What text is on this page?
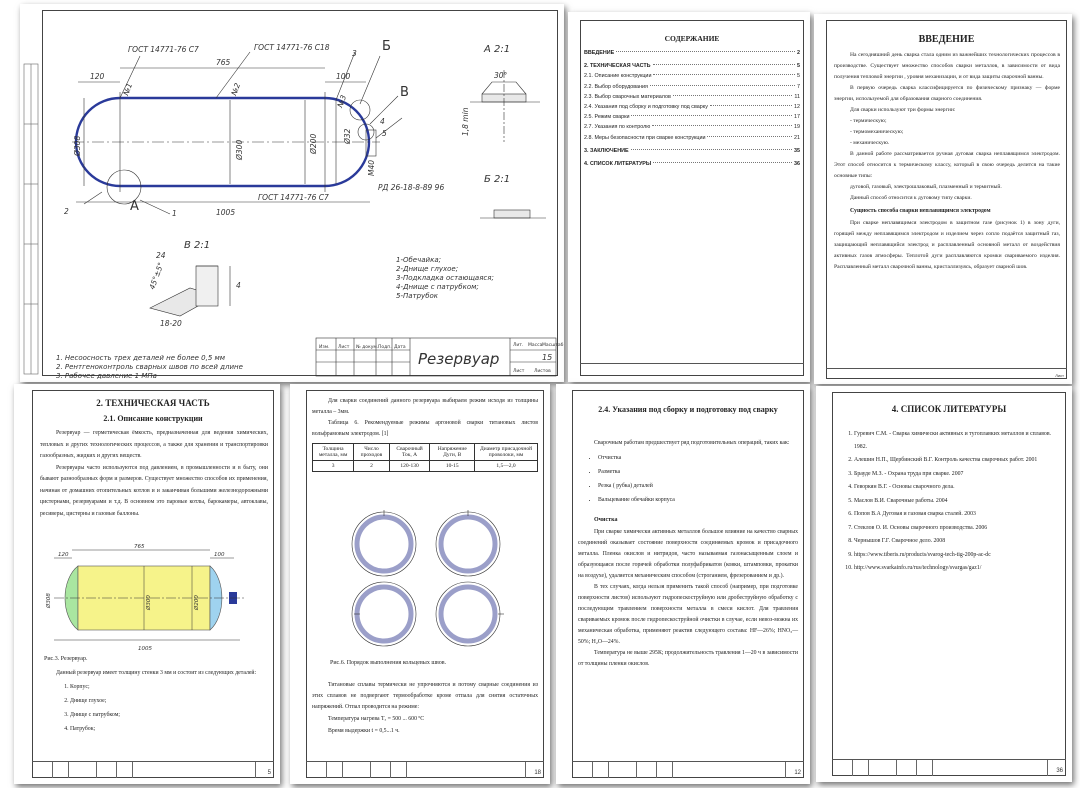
ГОСТ 14771-76 С7	ГОСТ 14771-76 С18
ГОСТ 14771-76 С7
765
120	100
1005
Ø308	Ø300	Ø200	Ø32
M40
№1	№2
№3
РД 26-18-8-89 96
1
2
3
4
5
А 2:1
Б 2:1
В 2:1
30°
1,8 min
24
4
45°±5°
18-20
А
Б
В
1-Обечайка;
2-Днище глухое;
3-Подкладка остающаяся;
4-Днище с патрубком;
5-Патрубок
1. Несоосность трех деталей не более 0,5 мм
2. Рентгеноконтроль сварных швов по всей длине
3. Рабочее давление 1 МПа
Изм. Лист № докум. Подп. Дата	Лит. Масса Масштаб
Лист Листов
Резервуар	15
СОДЕРЖАНИЕ
ВВЕДЕНИЕ	2
2. ТЕХНИЧЕСКАЯ ЧАСТЬ	5
2.1. Описание конструкции	5
2.2. Выбор оборудования	7
2.3. Выбор сварочных материалов	11
2.4. Указания под сборку и подготовку под сварку	12
2.5. Режим сварки	17
2.7. Указания по контролю	19
2.8. Меры безопасности при сварке конструкции	21
3. ЗАКЛЮЧЕНИЕ	35
4. СПИСОК ЛИТЕРАТУРЫ	36
ВВЕДЕНИЕ

На сегодняшний день сварка стала одним из важнейших технологических процессов в производстве. Существует множество способов сварки металлов, в зависимости от вида получения тепловой энергии , уровня механизации, и от вида защиты сварочной ванны.

В первую очередь сварка классифицируется по физическому признаку — форме энергии, используемой для образования сварного соединения.

Для сварки используют три формы энергии:

- термическую;

- термомеханическую;

- механическую.

В данной работе рассматривается ручная дуговая сварка неплавящимся электродом. Этот способ относится к термическому классу, который в свою очередь делится на такие основные типы:

дуговой, газовый, электрошлаковый, плазменный и термитный.

Данный способ относится к дуговому типу сварки.

Сущность способа сварки неплавящимся электродом

При сварке неплавящимся электродом в защитном газе (рисунок 1) в зону дуги, горящей между неплавящимся электродом и изделием через сопло подаётся защитный газ, защищающий неплавящийся электрод и расплавленный основной металл от воздействия активных газов атмосферы. Теплотой дуги расплавляются кромки свариваемого изделия. Расплавленный металл сварочной ванны, кристаллизуясь, образует сварной шов.

Лист
2. ТЕХНИЧЕСКАЯ ЧАСТЬ
2.1. Описание конструкции

Резервуар — герметическая ёмкость, предназначенная для ведения химических, тепловых и других технологических процессов, а также для хранения и транспортировки газообразных, жидких и других веществ.

Резервуары часто используются под давлением, в промышленности и в быту, они бывают разнообразных форм и размеров. Существует множество способов их применения, начиная от домашних отопительных котлов и и заканчивая большими железнодорожными цистернами, резервуарами и т.д. В основном это паровые котлы, барокамеры, автоклавы, ресиверы, цистерны и газовые баллоны.

765
120	100
1005
Ø308	Ø300	Ø200
Рис.3. Резервуар.

Данный резервуар имеет толщину стенки 3 мм и состоит из следующих деталей:

1. Корпус;
2. Днище глухое;
3. Днище с патрубком;
4. Патрубок;
5

Для сварки соединений данного резервуара выбираем режим исходя из толщины металла – 3мм.

Таблица 6. Рекомендуемые режимы аргоновой сварки титановых листов вольфрамовым электродом. [1]

Толщина металла, мм	Число проходов	Сварочный Ток, А	Напряжение Дуги, В	Диаметр присадочной проволоки, мм
3	2	120-130	10-15	1,5—2,0
Рис.6. Порядок выполнения кольцевых швов.

Титановые сплавы термически не упрочняются и потому сварные соединения из этих сплавов не подвергают термообработке кроме отпала для снятия остаточных напряжений. Отпал проводится на режиме:

Температура нагрева Tₐ = 500 ... 600 ºC

Время выдержки t = 0,5...1 ч.

18
2.4. Указания под сборку и подготовку под сварку

Сварочным работам предшествует ряд подготовительных операций, таких как:

• Отчистка
• Разметка
• Резка ( рубка) деталей
• Вальцевание обечайки корпуса

Очистка

При сварке химически активных металлов большое влияние на качество сварных соединений оказывает состояние поверхности соединяемых кромок и присадочного металла. Пленка окислов и нитридов, часто называемая газонасыщенным слоем и образующаяся после горячей обработки полуфабрикатов (ковки, штамповки, прокатки на воздухе), удаляется механическим способом (строганием, фрезерованием и др.).

В тех случаях, когда нельзя применить такой способ (например, при подготовке поверхности листов) используют гидропескоструйную или дробеструйную обработку с последующим травлением поверхности металла в смеси кислот. Для травления свариваемых кромок после гидропескоструйной очистки в случае, если невоз-можна их механическая обработка, применяют реактив следующего состава: HF—26%; HNO₃—50%; H₂O—24%.

Температура не выше 295К; продолжительность травления 1—20 ч в зависимости от толщины пленки окислов.

12
4. СПИСОК ЛИТЕРАТУРЫ
1. Гуревич С.М. - Сварка химически активных и тугоплавких металлов и сплавов. 1982.
2. Алешин Н.П., Щербинский В.Г. Контроль качества сварочных работ. 2001
3. Брауде М.З. - Охрана труда при сварке. 2007
4. Геворкян В.Г. - Основы сварочного дела.
5. Маслов В.И. Сварочные работы. 2004
6. Попов В.А Дуговая и газовая сварка сталей. 2003
7. Стеклов О. И. Основы сварочного производства. 2006
8. Чернышов Г.Г. Сварочное дело. 2008
9. https://www.tiberis.ru/products/svarog-tech-tig-200p-ac-dc
10. http://www.svarkainfo.ru/rus/technology/svargas/gaz1/
36
